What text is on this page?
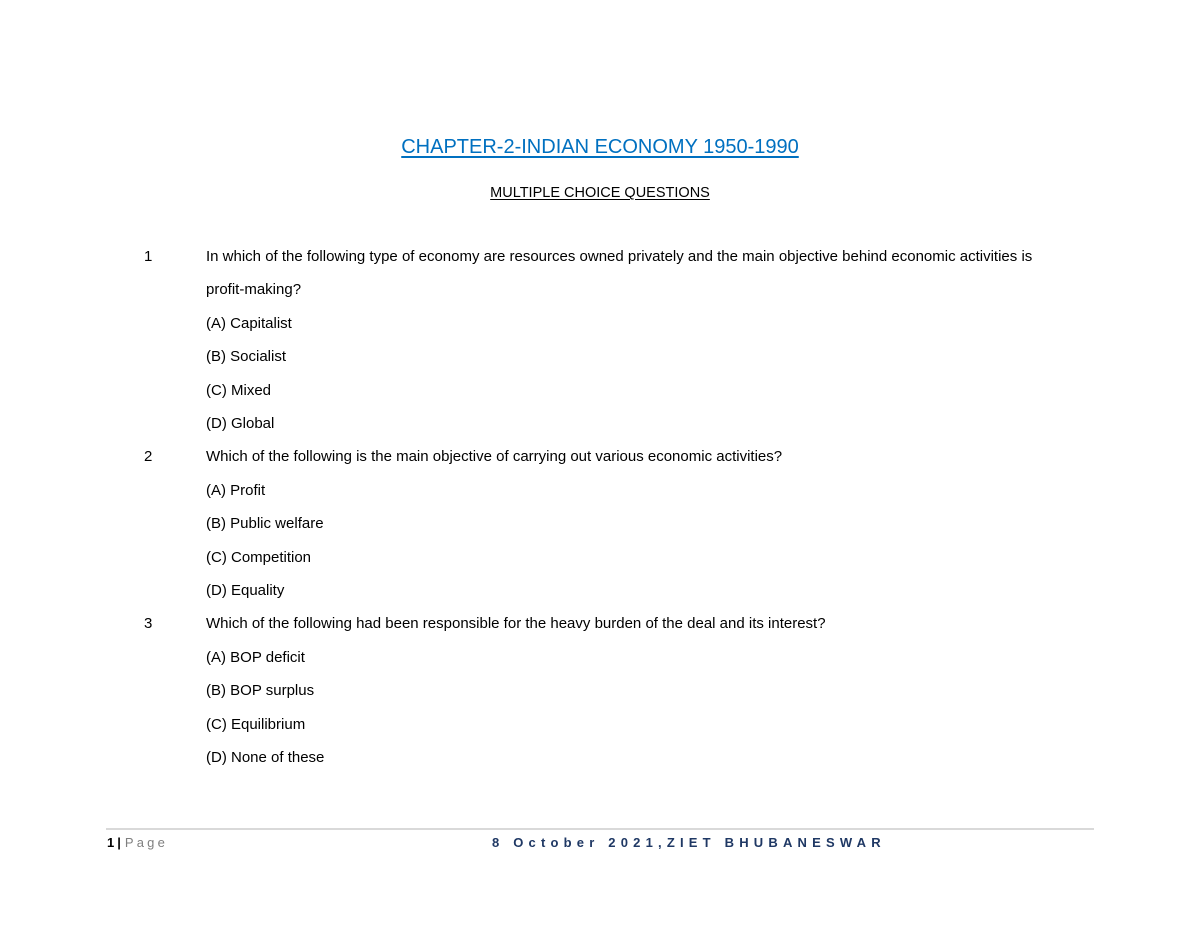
CHAPTER-2-INDIAN ECONOMY 1950-1990
MULTIPLE CHOICE QUESTIONS
1	In which of the following type of economy are resources owned privately and the main objective behind economic activities is profit-making?
(A) Capitalist
(B) Socialist
(C) Mixed
(D) Global
2	Which of the following is the main objective of carrying out various economic activities?
(A) Profit
(B) Public welfare
(C) Competition
(D) Equality
3	Which of the following had been responsible for the heavy burden of the deal and its interest?
(A) BOP deficit
(B) BOP surplus
(C) Equilibrium
(D) None of these
1 | Page	8 October 2021,ZIET BHUBANESWAR
